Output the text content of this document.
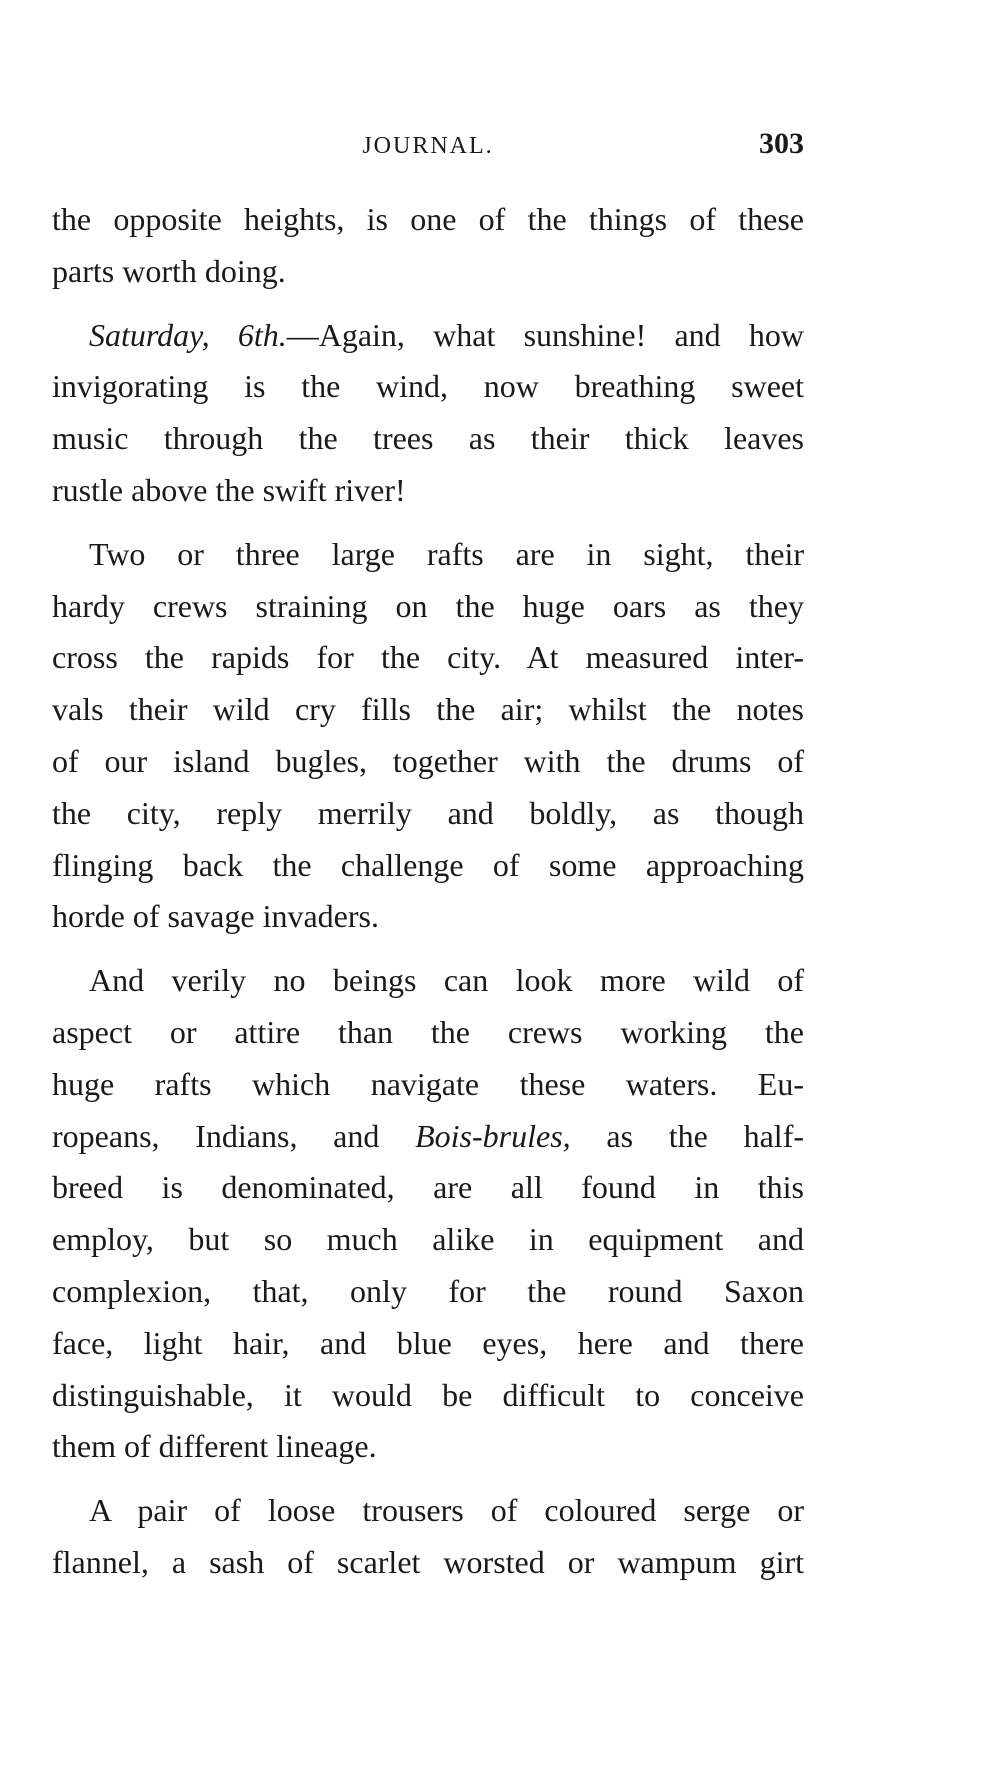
JOURNAL.	303

the opposite heights, is one of the things of these
parts worth doing.

Saturday, 6th.—Again, what sunshine! and how
invigorating is the wind, now breathing sweet
music through the trees as their thick leaves
rustle above the swift river!

Two or three large rafts are in sight, their
hardy crews straining on the huge oars as they
cross the rapids for the city. At measured inter-
vals their wild cry fills the air; whilst the notes
of our island bugles, together with the drums of
the city, reply merrily and boldly, as though
flinging back the challenge of some approaching
horde of savage invaders.

And verily no beings can look more wild of
aspect or attire than the crews working the
huge rafts which navigate these waters. Eu-
ropeans, Indians, and Bois-brules, as the half-
breed is denominated, are all found in this
employ, but so much alike in equipment and
complexion, that, only for the round Saxon
face, light hair, and blue eyes, here and there
distinguishable, it would be difficult to conceive
them of different lineage.

A pair of loose trousers of coloured serge or
flannel, a sash of scarlet worsted or wampum girt
